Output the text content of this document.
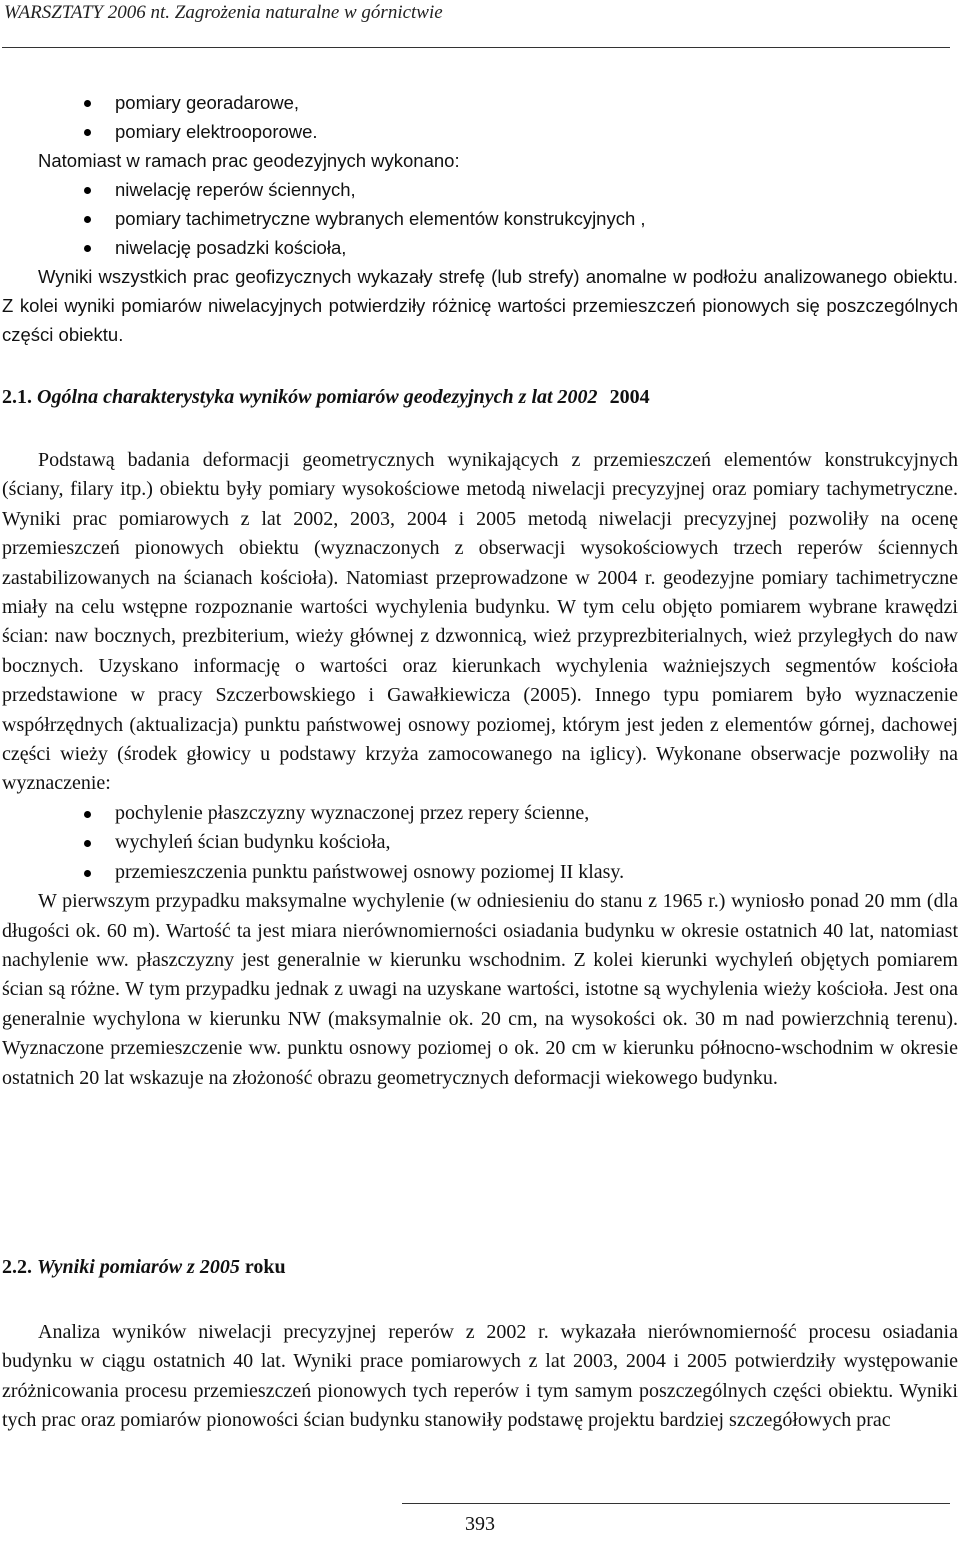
WARSZTATY 2006 nt. Zagrożenia naturalne w górnictwie
pomiary georadarowe,
pomiary elektrooporowe.

Natomiast w ramach prac geodezyjnych wykonano:

niwelację reperów ściennych,
pomiary tachimetryczne wybranych elementów konstrukcyjnych ,
niwelację posadzki kościoła,

Wyniki wszystkich prac geofizycznych wykazały strefę (lub strefy) anomalne w podłożu analizowanego obiektu. Z kolei wyniki pomiarów niwelacyjnych potwierdziły różnicę wartości przemieszczeń pionowych się poszczególnych części obiektu.

2.1. Ogólna charakterystyka wyników pomiarów geodezyjnych z lat 2002 2004

Podstawą badania deformacji geometrycznych wynikających z przemieszczeń elementów konstrukcyjnych (ściany, filary itp.) obiektu były pomiary wysokościowe metodą niwelacji precyzyjnej oraz pomiary tachymetryczne. Wyniki prac pomiarowych z lat 2002, 2003, 2004 i 2005 metodą niwelacji precyzyjnej pozwoliły na ocenę przemieszczeń pionowych obiektu (wyznaczonych z obserwacji wysokościowych trzech reperów ściennych zastabilizowanych na ścianach kościoła). Natomiast przeprowadzone w 2004 r. geodezyjne pomiary tachimetryczne miały na celu wstępne rozpoznanie wartości wychylenia budynku. W tym celu objęto pomiarem wybrane krawędzi ścian: naw bocznych, prezbiterium, wieży głównej z dzwonnicą, wież przyprezbiterialnych, wież przyległych do naw bocznych. Uzyskano informację o wartości oraz kierunkach wychylenia ważniejszych segmentów kościoła przedstawione w pracy Szczerbowskiego i Gawałkiewicza (2005). Innego typu pomiarem było wyznaczenie współrzędnych (aktualizacja) punktu państwowej osnowy poziomej, którym jest jeden z elementów górnej, dachowej części wieży (środek głowicy u podstawy krzyża zamocowanego na iglicy). Wykonane obserwacje pozwoliły na wyznaczenie:

pochylenie płaszczyzny wyznaczonej przez repery ścienne,
wychyleń ścian budynku kościoła,
przemieszczenia punktu państwowej osnowy poziomej II klasy.

W pierwszym przypadku maksymalne wychylenie (w odniesieniu do stanu z 1965 r.) wyniosło ponad 20 mm (dla długości ok. 60 m). Wartość ta jest miara nierównomierności osiadania budynku w okresie ostatnich 40 lat, natomiast nachylenie ww. płaszczyzny jest generalnie w kierunku wschodnim. Z kolei kierunki wychyleń objętych pomiarem ścian są różne. W tym przypadku jednak z uwagi na uzyskane wartości, istotne są wychylenia wieży kościoła. Jest ona generalnie wychylona w kierunku NW (maksymalnie ok. 20 cm, na wysokości ok. 30 m nad powierzchnią terenu). Wyznaczone przemieszczenie ww. punktu osnowy poziomej o ok. 20 cm w kierunku północno-wschodnim w okresie ostatnich 20 lat wskazuje na złożoność obrazu geometrycznych deformacji wiekowego budynku.

2.2. Wyniki pomiarów z 2005 roku

Analiza wyników niwelacji precyzyjnej reperów z 2002 r. wykazała nierównomierność procesu osiadania budynku w ciągu ostatnich 40 lat. Wyniki prace pomiarowych z lat 2003, 2004 i 2005 potwierdziły występowanie zróżnicowania procesu przemieszczeń pionowych tych reperów i tym samym poszczególnych części obiektu. Wyniki tych prac oraz pomiarów pionowości ścian budynku stanowiły podstawę projektu bardziej szczegółowych prac

393
